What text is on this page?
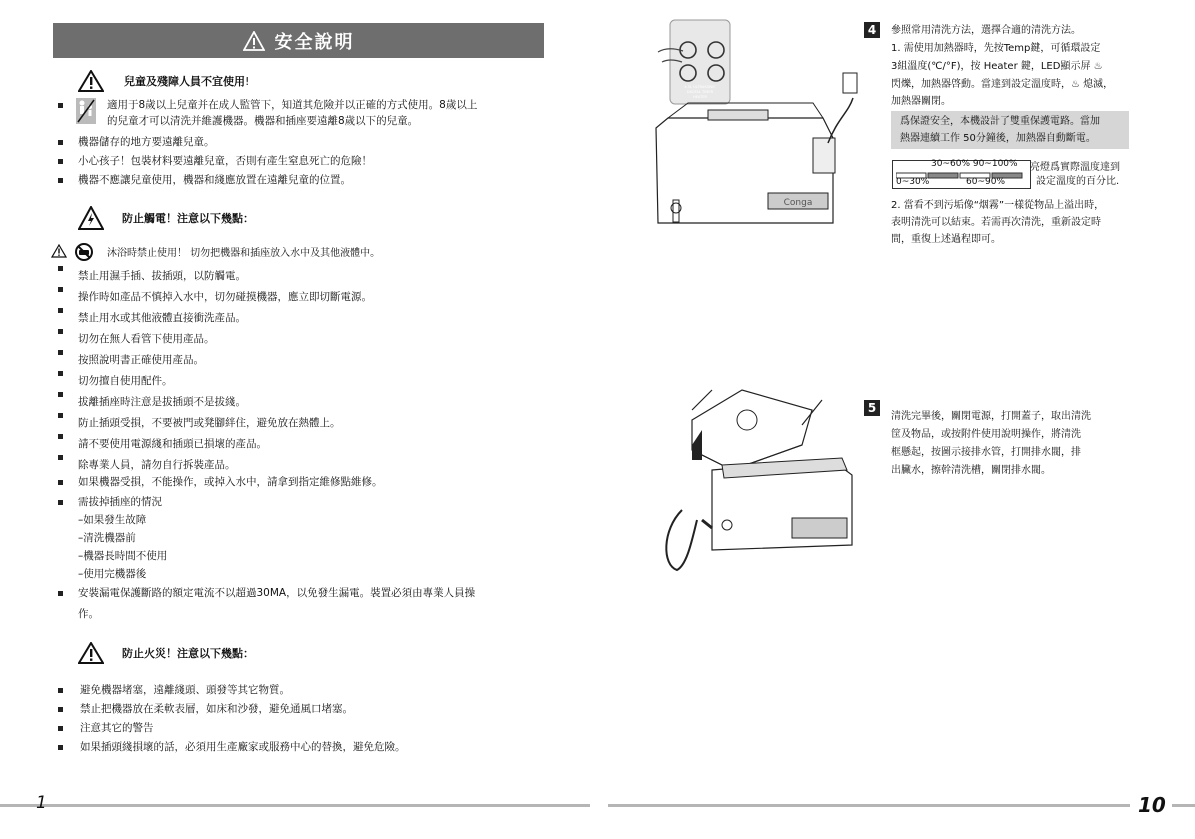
安全說明
兒童及殘障人員不宜使用!
適用于8歲以上兒童并在成人監管下，知道其危險并以正確的方式使用。8歲以上
的兒童才可以清洗并維護機器。機器和插座要遠離8歲以下的兒童。
機器儲存的地方要遠離兒童。
小心孩子！包裝材料要遠離兒童，否則有產生窒息死亡的危險！
機器不應讓兒童使用，機器和綫應放置在遠離兒童的位置。
防止觸電！注意以下幾點：
沐浴時禁止使用！ 切勿把機器和插座放入水中及其他液體中。
禁止用濕手插、拔插頭，以防觸電。
操作時如產品不慎掉入水中，切勿碰摸機器，應立即切斷電源。
禁止用水或其他液體直接衝洗產品。
切勿在無人看管下使用產品。
按照說明書正確使用產品。
切勿擅自使用配件。
拔離插座時注意是拔插頭不是拔綫。
防止插頭受損，不要被門或凳腳絆住，避免放在熱體上。
請不要使用電源綫和插頭已損壞的產品。
除專業人員，請勿自行拆裝產品。
如果機器受損，不能操作，或掉入水中，請拿到指定維修點維修。
需拔掉插座的情況
–如果發生故障
–清洗機器前
–機器長時間不使用
–使用完機器後
安裝漏電保護斷路的額定電流不以超過30MA，以免發生漏電。裝置必須由專業人員操
作。
防止火災！注意以下幾點：
避免機器堵塞，遠離綫頭、頭發等其它物質。
禁止把機器放在柔軟表層，如床和沙發，避免通風口堵塞。
注意其它的警告
如果插頭綫損壞的話，必須用生產廠家或服務中心的替換，避免危險。
1
Conga
4.5L ULTRASONIC
DIGITAL TIMER
HEATER
4	參照常用清洗方法，選擇合適的清洗方法。
1. 需使用加熱器時，先按Temp鍵，可循環設定
3組溫度(℃/°F)，按 Heater 鍵，LED顯示屏 ♨
閃爍，加熱器啓動。當達到設定溫度時，♨ 熄滅，
加熱器關閉。
爲保證安全，本機設計了雙重保護電路。當加
熱器連續工作 50分鐘後，加熱器自動斷電。
30~60% 90~100%
0~30%	60~90%
亮燈爲實際溫度達到
設定溫度的百分比.
2. 當看不到污垢像“烟霧”一樣從物品上溢出時，
表明清洗可以結束。若需再次清洗，重新設定時
間，重復上述過程即可。
5
清洗完畢後，關閉電源，打開蓋子，取出清洗
筐及物品，或按附件使用說明操作，將清洗
框懸起，按圖示接排水管，打開排水閥，排
出臟水，擦幹清洗槽，關閉排水閥。
10
